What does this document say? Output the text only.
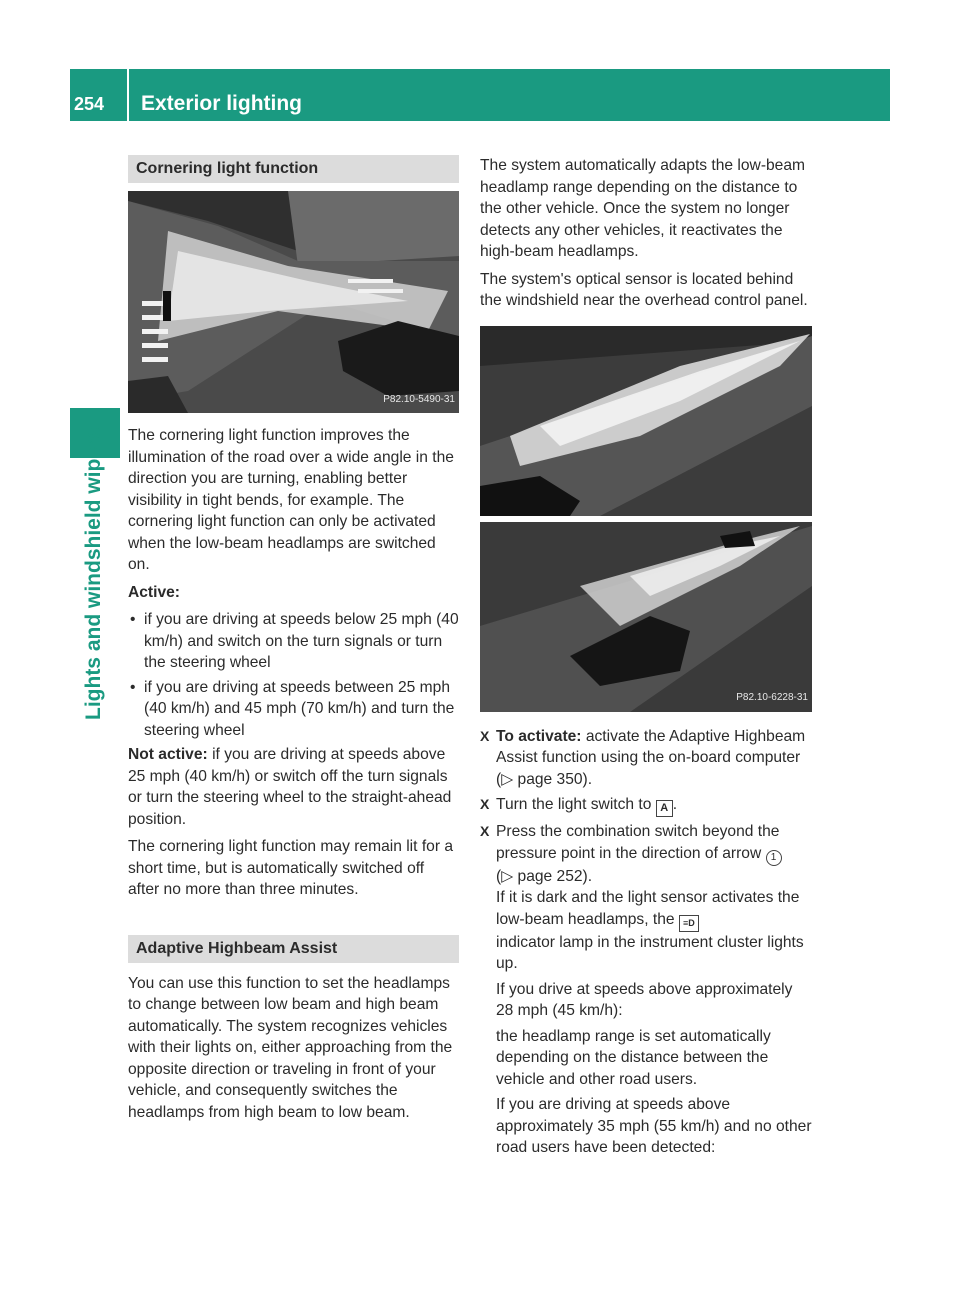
254	Exterior lighting
Lights and windshield wipers
Cornering light function
P82.10-5490-31

The cornering light function improves the illumination of the road over a wide angle in the direction you are turning, enabling better visibility in tight bends, for example. The cornering light function can only be activated when the low-beam headlamps are switched on.

Active:

• if you are driving at speeds below 25 mph (40 km/h) and switch on the turn signals or turn the steering wheel
• if you are driving at speeds between 25 mph (40 km/h) and 45 mph (70 km/h) and turn the steering wheel

Not active: if you are driving at speeds above 25 mph (40 km/h) or switch off the turn signals or turn the steering wheel to the straight-ahead position.

The cornering light function may remain lit for a short time, but is automatically switched off after no more than three minutes.

Adaptive Highbeam Assist

You can use this function to set the headlamps to change between low beam and high beam automatically. The system recognizes vehicles with their lights on, either approaching from the opposite direction or traveling in front of your vehicle, and consequently switches the headlamps from high beam to low beam.

The system automatically adapts the low-beam headlamp range depending on the distance to the other vehicle. Once the system no longer detects any other vehicles, it reactivates the high-beam headlamps.

The system's optical sensor is located behind the windshield near the overhead control panel.

P82.10-6228-31
X To activate: activate the Adaptive Highbeam Assist function using the on-board computer (▷ page 350).
X Turn the light switch to A .
X Press the combination switch beyond the pressure point in the direction of arrow 1
(▷ page 252).
If it is dark and the light sensor activates the low-beam headlamps, the ≡D
indicator lamp in the instrument cluster lights up.

If you drive at speeds above approximately 28 mph (45 km/h):

the headlamp range is set automatically depending on the distance between the vehicle and other road users.

If you are driving at speeds above approximately 35 mph (55 km/h) and no other road users have been detected:
